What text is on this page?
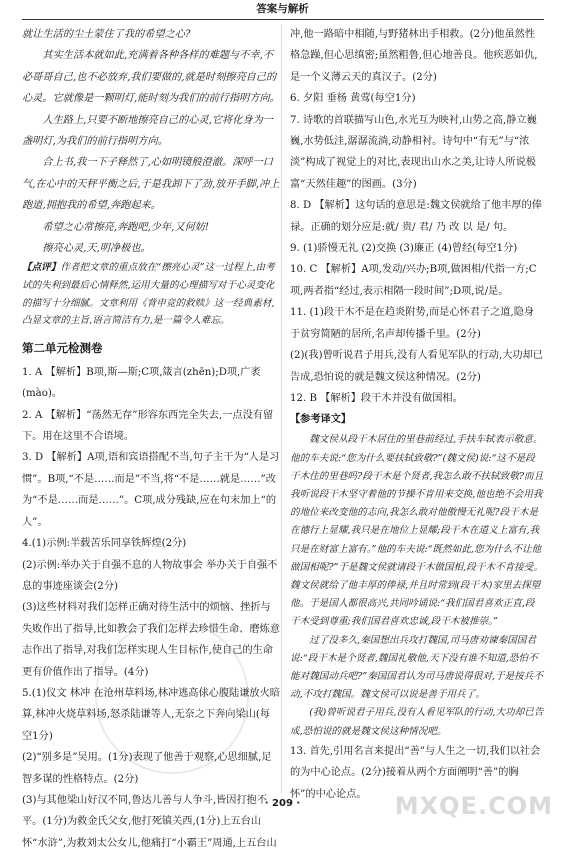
答案与解析

就让生活的尘土蒙住了我的希望之心?

其实生活本就如此,充满着各种各样的难题与不幸,不必哥哥自己,也不必放弃,我们要做的,就是时刻擦亮自己的心灵。它就像是一颗明灯,能时刻为我们的前行指明方向。

人生路上,只要不断地擦亮自己的心灵,它将化身为一盏明灯,为我们的前行指明方向。

合上书,我一下子释然了,心如明镜般澄澈。深呼一口气,在心中的天秤平衡之后,于是我卸下了劲,放开手脚,冲上跑道,拥抱我的希望,奔跑起来。

希望之心常擦亮,奔跑吧,少年,又何妨!

擦亮心灵,天,明净极也。

【点评】作者把文章的重点放在“擦亮心灵”这一过程上,由考试的失利到最后心情释然,运用大量的心理描写对于心灵变化的描写十分细腻。文章利用《背申竞的救赎》这一经典素材,凸显文章的主旨,语言简洁有力,是一篇令人难忘。

第二单元检测卷

1. A 【解析】B项,斯—斯;C项,箴言(zhēn);D项,广袤(mào)。

2. A 【解析】“荡然无存”形容东西完全失去,一点没有留下。用在这里不合语境。

3. D 【解析】A项,语和宾语搭配不当,句子主干为“人是习惯”。B项,“不是……而是”不当,将“不是……就是……”改为“不是……而是……”。C项,成分残缺,应在句末加上“的人”。

4.(1)示例:半载苦乐同享铁辉煌(2分)

(2)示例:举办关于自强不息的人物故事会 举办关于自强不息的事迹座谈会(2分)

(3)这些材料对我们怎样正确对待生活中的烦恼、挫折与失败作出了指导,比如教会了我们怎样去珍惜生命、磨炼意志作出了指导,对我们怎样实现人生目标作,使自己的生命更有价值作出了指导。(4分)

5.(1)仪文 林冲 在沧州草料场,林冲逃高俅心腹陆谦放火暗算,林冲火烧草料场,怒杀陆谦等人,无奈之下奔向梁山(每空1分)

(2)“别多是”吴用。(1分)表现了他善于观察,心思细腻,足智多谋的性格特点。(2分)

(3)与其他梁山好汉不同,鲁达儿善与人争斗,皆因打抱不平。(1分)为救金氏父女,他打死镇关西,(1分)上五台山怀“水浒”,为救刘太公女儿,他痛打“小霸王”周通,上五台山

冲,他一路暗中相随,与野猪林出手相救。(2分)他虽然性格急躁,但心思缜密;虽然粗鲁,但心地善良。他疾恶如仇,是一个义薄云天的真汉子。(2分)

6. 夕阳 垂杨 黄莺(每空1分)

7. 诗歌的首联描写山色,水光互为映衬,山势之高,静立巍巍,水势低洼,潺潺流淌,动静相衬。诗句中“有无”与“浓淡”构成了视觉上的对比,表现出山水之美,让诗人所说极富“天然佳趣”的图画。(3分)

8. D 【解析】这句话的意思是:魏文侯就给了他丰厚的俸禄。正确的划分应是:就/ 贵/ 君/ 乃 改 以 是/ 句。

9. (1)骄慢无礼 (2)交换 (3)廉正 (4)曾经(每空1分)

10. C 【解析】A项,发动/兴办;B项,做困相/代指一方;C项,两者指“经过,表示相隔一段时间”;D项,说/是。

11. (1)段干木不是在趋炎附势,而是心怀君子之道,隐身于贫穷简陋的居所,名声却传播千里。(2分)

(2)(我)曾听说君子用兵,没有人看见军队的行动,大功却已告成,恐怕说的就是魏文侯这种情况。(2分)

12. B 【解析】段干木并没有做国相。

【参考译文】

魏文侯从段干木居住的里巷前经过,手扶车轼表示敬意。他的车夫说:“您为什么要扶轼致敬?”(魏文侯)说:“这不是段干木住的里巷吗?段干木是个贤者,我怎么敢不扶轼致敬?而且我听说段干木坚守着他的节操不肯用来交换,他也绝不会用我的地位来改变他的志向,我怎么敢对他傲慢无礼呢?段干木是在德行上显耀,我只是在地位上显耀;段干木在道义上富有,我只是在财富上富有。”他的车夫说:“既然如此,您为什么不让他做国相呢?”于是魏文侯就请段干木做国相,段干木不肯接受。魏文侯就给了他丰厚的俸禄,并且时常到(段干木)家里去探望他。于是国人都很高兴,共同吟诵说:“我们国君喜欢正直,段干木受到尊重;我们国君喜欢忠诚,段干木被推崇。”

过了没多久,秦国想出兵攻打魏国,司马唐劝谏秦国国君说:“段干木是个贤者,魏国礼敬他,天下没有谁不知道,恐怕不能对魏国动兵吧?”秦国国君认为司马唐说得很对,于是按兵不动,不攻打魏国。魏文侯可以说是善于用兵了。

(我)曾听说君子用兵,没有人看见军队的行动,大功却已告成,恐怕说的就是魏文侯这种情况吧。

13. 首先,引用名言来提出“善”与人生之一切,我们以社会的为中心论点。(2分)接着从两个方面阐明“善”的胸怀”的中心论点。

· 209 ·	MXQE.COM
